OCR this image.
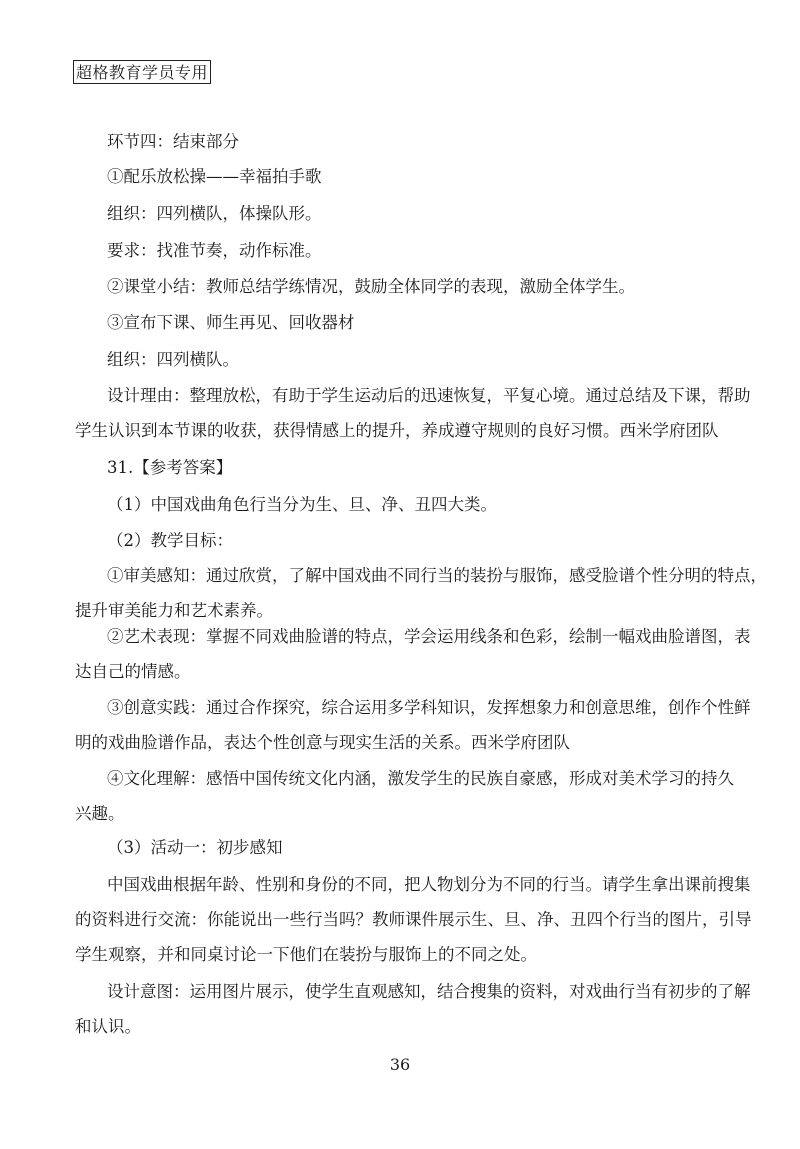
超格教育学员专用
环节四：结束部分
①配乐放松操——幸福拍手歌
组织：四列横队，体操队形。
要求：找准节奏，动作标准。
②课堂小结：教师总结学练情况，鼓励全体同学的表现，激励全体学生。
③宣布下课、师生再见、回收器材
组织：四列横队。
设计理由：整理放松，有助于学生运动后的迅速恢复，平复心境。通过总结及下课，帮助
学生认识到本节课的收获，获得情感上的提升，养成遵守规则的良好习惯。西米学府团队
31.【参考答案】
（1）中国戏曲角色行当分为生、旦、净、丑四大类。
（2）教学目标：
①审美感知：通过欣赏，了解中国戏曲不同行当的装扮与服饰，感受脸谱个性分明的特点，
提升审美能力和艺术素养。
②艺术表现：掌握不同戏曲脸谱的特点，学会运用线条和色彩，绘制一幅戏曲脸谱图，表
达自己的情感。
③创意实践：通过合作探究，综合运用多学科知识，发挥想象力和创意思维，创作个性鲜
明的戏曲脸谱作品，表达个性创意与现实生活的关系。西米学府团队
④文化理解：感悟中国传统文化内涵，激发学生的民族自豪感，形成对美术学习的持久
兴趣。
（3）活动一：初步感知
中国戏曲根据年龄、性别和身份的不同，把人物划分为不同的行当。请学生拿出课前搜集
的资料进行交流：你能说出一些行当吗？教师课件展示生、旦、净、丑四个行当的图片，引导
学生观察，并和同桌讨论一下他们在装扮与服饰上的不同之处。
设计意图：运用图片展示，使学生直观感知，结合搜集的资料，对戏曲行当有初步的了解
和认识。
36
